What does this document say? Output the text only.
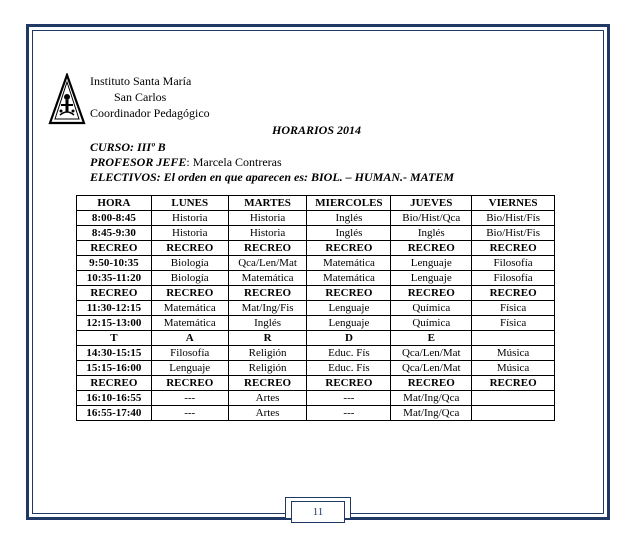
Instituto Santa María
San Carlos
Coordinador Pedagógico
HORARIOS 2014
CURSO: IIIº B
PROFESOR JEFE: Marcela Contreras
ELECTIVOS: El orden en que aparecen es: BIOL. – HUMAN.- MATEM
HORA	LUNES	MARTES	MIERCOLES	JUEVES	VIERNES
8:00-8:45	Historia	Historia	Inglés	Bio/Hist/Qca	Bio/Hist/Fís
8:45-9:30	Historia	Historia	Inglés	Inglés	Bio/Hist/Fis
RECREO	RECREO	RECREO	RECREO	RECREO	RECREO
9:50-10:35	Biología	Qca/Len/Mat	Matemática	Lenguaje	Filosofía
10:35-11:20	Biología	Matemática	Matemática	Lenguaje	Filosofía
RECREO	RECREO	RECREO	RECREO	RECREO	RECREO
11:30-12:15	Matemática	Mat/Ing/Fis	Lenguaje	Química	Física
12:15-13:00	Matemática	Inglés	Lenguaje	Química	Física
T	A	R	D	E	
14:30-15:15	Filosofía	Religión	Educ. Fís	Qca/Len/Mat	Música
15:15-16:00	Lenguaje	Religión	Educ. Fís	Qca/Len/Mat	Música
RECREO	RECREO	RECREO	RECREO	RECREO	RECREO
16:10-16:55	---	Artes	---	Mat/Ing/Qca	
16:55-17:40	---	Artes	---	Mat/Ing/Qca	
11
